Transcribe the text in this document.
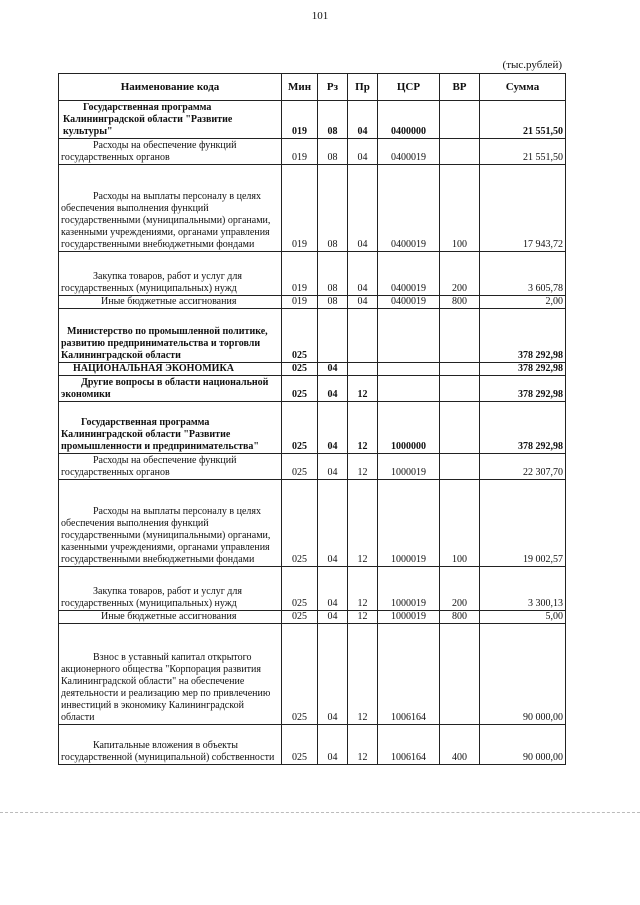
101
(тыс.рублей)
Наименование кода	Мин	Рз	Пр	ЦСР	ВР	Сумма
Государственная программа Калининградской области "Развитие культуры"	019	08	04	0400000		21 551,50
Расходы на обеспечение функций государственных органов	019	08	04	0400019		21 551,50
Расходы на выплаты персоналу в целях обеспечения выполнения функций государственными (муниципальными) органами, казенными учреждениями, органами управления государственными внебюджетными фондами	019	08	04	0400019	100	17 943,72
Закупка товаров, работ и услуг для государственных (муниципальных) нужд	019	08	04	0400019	200	3 605,78
Иные бюджетные ассигнования	019	08	04	0400019	800	2,00
Министерство по промышленной политике, развитию предпринимательства и торговли Калининградской области	025					378 292,98
НАЦИОНАЛЬНАЯ ЭКОНОМИКА	025	04				378 292,98
Другие вопросы в области национальной экономики	025	04	12			378 292,98
Государственная программа Калининградской области "Развитие промышленности и предпринимательства"	025	04	12	1000000		378 292,98
Расходы на обеспечение функций государственных органов	025	04	12	1000019		22 307,70
Расходы на выплаты персоналу в целях обеспечения выполнения функций государственными (муниципальными) органами, казенными учреждениями, органами управления государственными внебюджетными фондами	025	04	12	1000019	100	19 002,57
Закупка товаров, работ и услуг для государственных (муниципальных) нужд	025	04	12	1000019	200	3 300,13
Иные бюджетные ассигнования	025	04	12	1000019	800	5,00
Взнос в уставный капитал открытого акционерного общества "Корпорация развития Калининградской области" на обеспечение деятельности и реализацию мер по привлечению инвестиций в экономику Калининградской области	025	04	12	1006164		90 000,00
Капитальные вложения в объекты государственной (муниципальной) собственности	025	04	12	1006164	400	90 000,00
